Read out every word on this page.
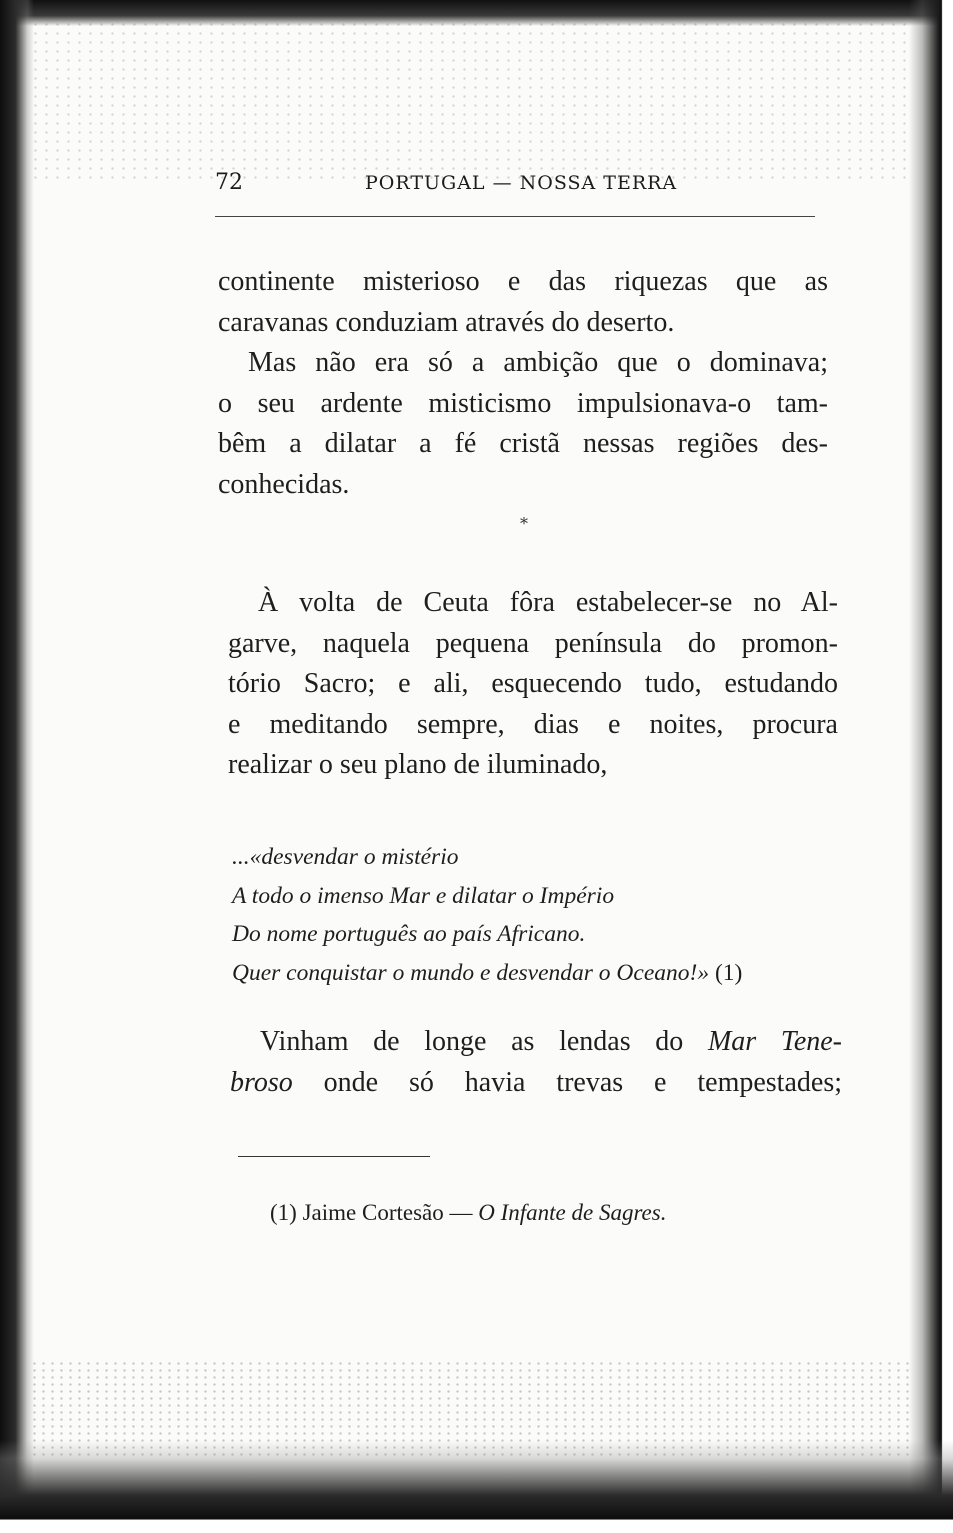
72	PORTUGAL — NOSSA TERRA
continente misterioso e das riquezas que as
caravanas conduziam através do deserto.
Mas não era só a ambição que o dominava;
o seu ardente misticismo impulsionava-o tam-
bêm a dilatar a fé cristã nessas regiões des-
conhecidas.
*
À volta de Ceuta fôra estabelecer-se no Al-
garve, naquela pequena península do promon-
tório Sacro; e ali, esquecendo tudo, estudando
e meditando sempre, dias e noites, procura
realizar o seu plano de iluminado,
...«desvendar o mistério
A todo o imenso Mar e dilatar o Império
Do nome português ao país Africano.
Quer conquistar o mundo e desvendar o Oceano!» (1)
Vinham de longe as lendas do Mar Tene-
broso onde só havia trevas e tempestades;
(1) Jaime Cortesão — O Infante de Sagres.
